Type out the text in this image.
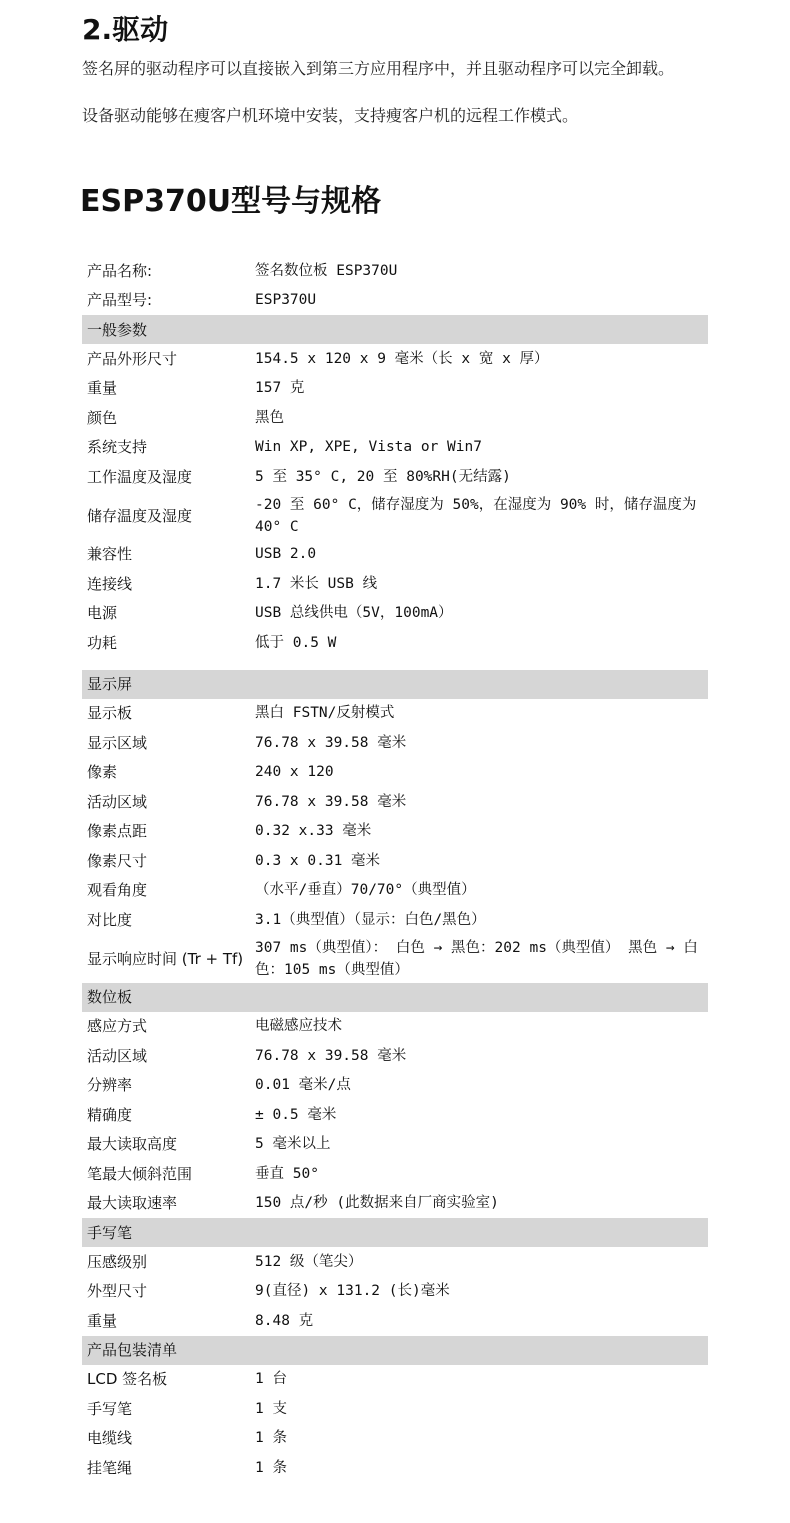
2.驱动
签名屏的驱动程序可以直接嵌入到第三方应用程序中，并且驱动程序可以完全卸载。
设备驱动能够在瘦客户机环境中安装，支持瘦客户机的远程工作模式。
ESP370U型号与规格
产品名称:	签名数位板 ESP370U
产品型号:	ESP370U
一般参数	
产品外形尺寸	154.5 x 120 x 9 毫米（长 x 宽 x 厚）
重量	157 克
颜色	黑色
系统支持	Win XP, XPE, Vista or Win7
工作温度及湿度	5 至 35° C, 20 至 80%RH(无结露)
储存温度及湿度	-20 至 60° C，储存湿度为 50%，在湿度为 90% 时，储存温度为 40° C
兼容性	USB 2.0
连接线	1.7 米长 USB 线
电源	USB 总线供电（5V，100mA）
功耗	低于 0.5 W

显示屏	
显示板	黑白 FSTN/反射模式
显示区域	76.78 x 39.58 毫米
像素	240 x 120
活动区域	76.78 x 39.58 毫米
像素点距	0.32 x.33 毫米
像素尺寸	0.3 x 0.31 毫米
观看角度	（水平/垂直）70/70°（典型值）
对比度	3.1（典型值）（显示：白色/黑色）
显示响应时间 (Tr + Tf)	307 ms（典型值）： 白色 → 黑色：202 ms（典型值） 黑色 → 白色：105 ms（典型值）
数位板	
感应方式	电磁感应技术
活动区域	76.78 x 39.58 毫米
分辨率	0.01 毫米/点
精确度	± 0.5 毫米
最大读取高度	5 毫米以上
笔最大倾斜范围	垂直 50°
最大读取速率	150 点/秒 (此数据来自厂商实验室)
手写笔	
压感级别	512 级（笔尖）
外型尺寸	9(直径) x 131.2 (长)毫米
重量	8.48 克
产品包装清单	
LCD 签名板	1 台
手写笔	1 支
电缆线	1 条
挂笔绳	1 条
